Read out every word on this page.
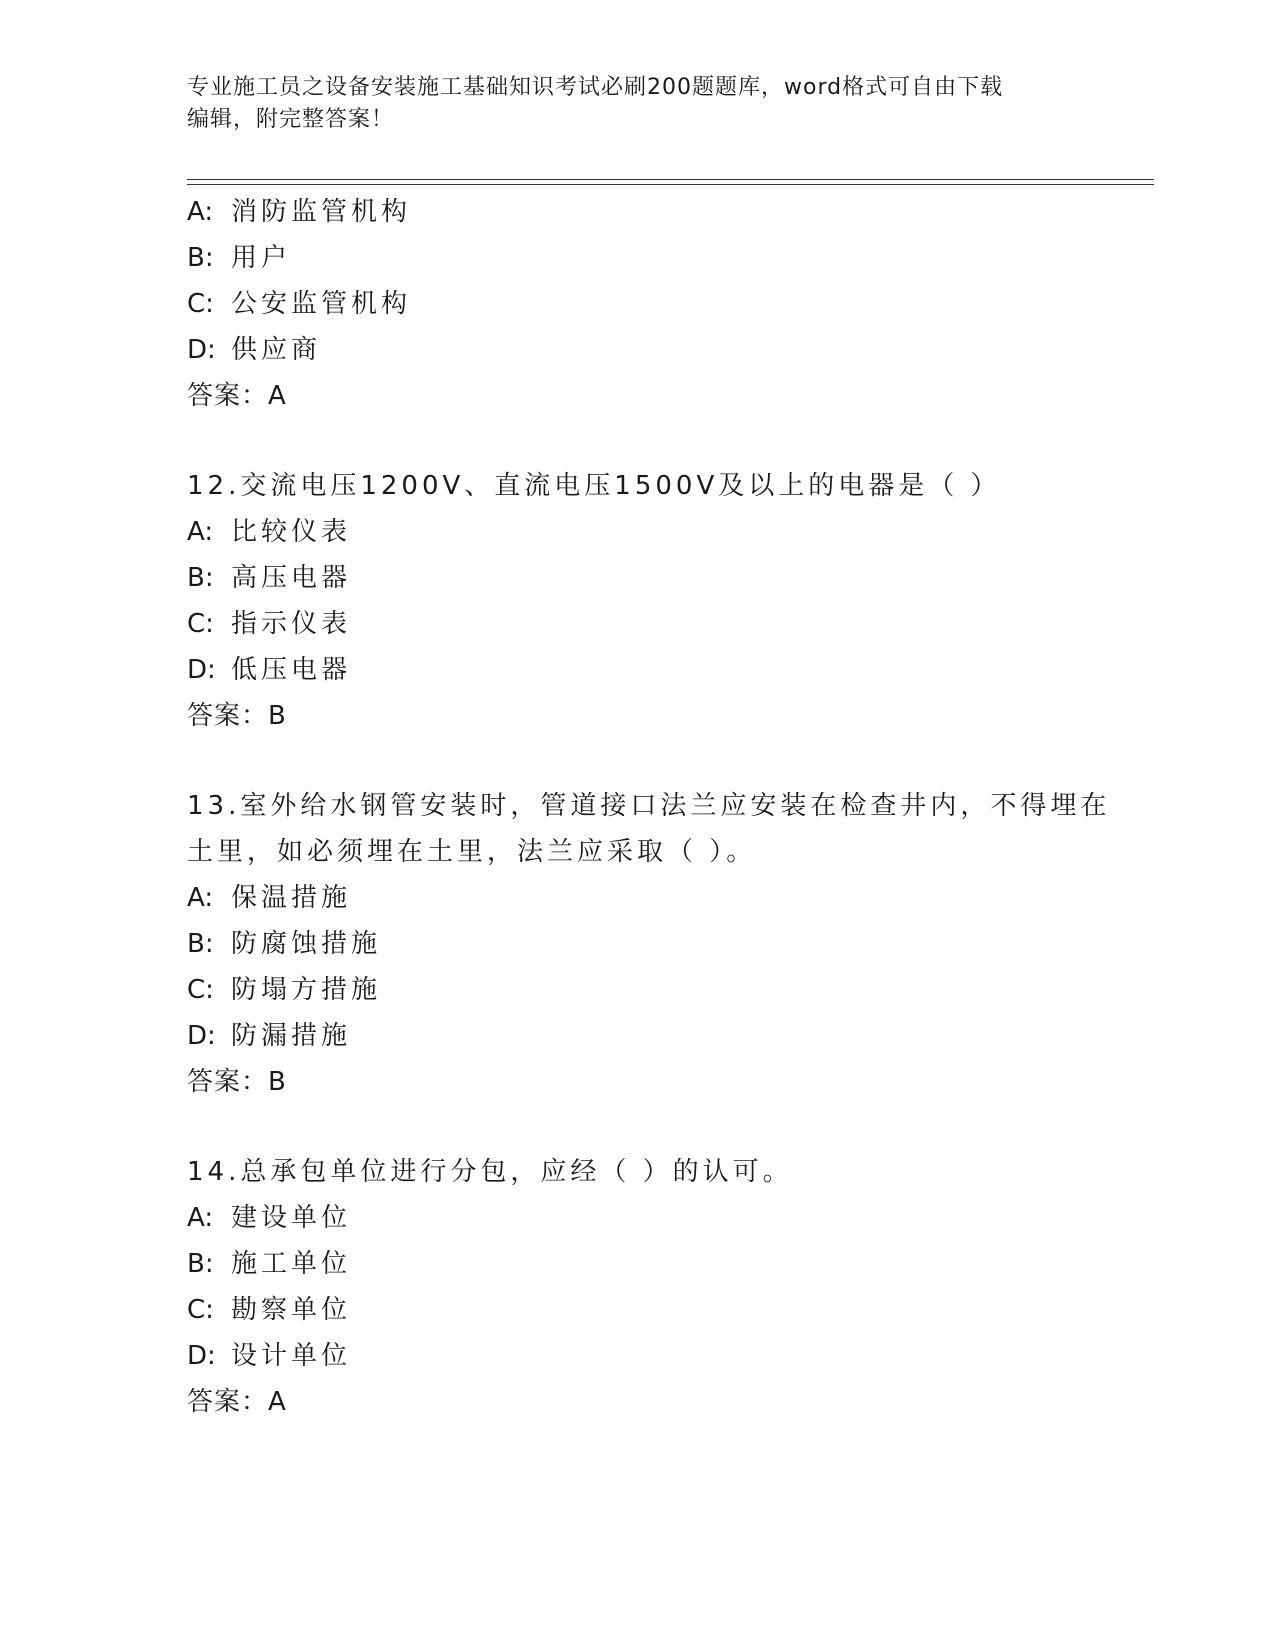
专业施工员之设备安装施工基础知识考试必刷200题题库，word格式可自由下载
编辑，附完整答案！
A: 消防监管机构
B: 用户
C: 公安监管机构
D: 供应商
答案：A
12.交流电压1200V、直流电压1500V及以上的电器是（ ）
A: 比较仪表
B: 高压电器
C: 指示仪表
D: 低压电器
答案：B
13.室外给水钢管安装时，管道接口法兰应安装在检查井内，不得埋在
土里，如必须埋在土里，法兰应采取（ ）。
A: 保温措施
B: 防腐蚀措施
C: 防塌方措施
D: 防漏措施
答案：B
14.总承包单位进行分包，应经（ ）的认可。
A: 建设单位
B: 施工单位
C: 勘察单位
D: 设计单位
答案：A
